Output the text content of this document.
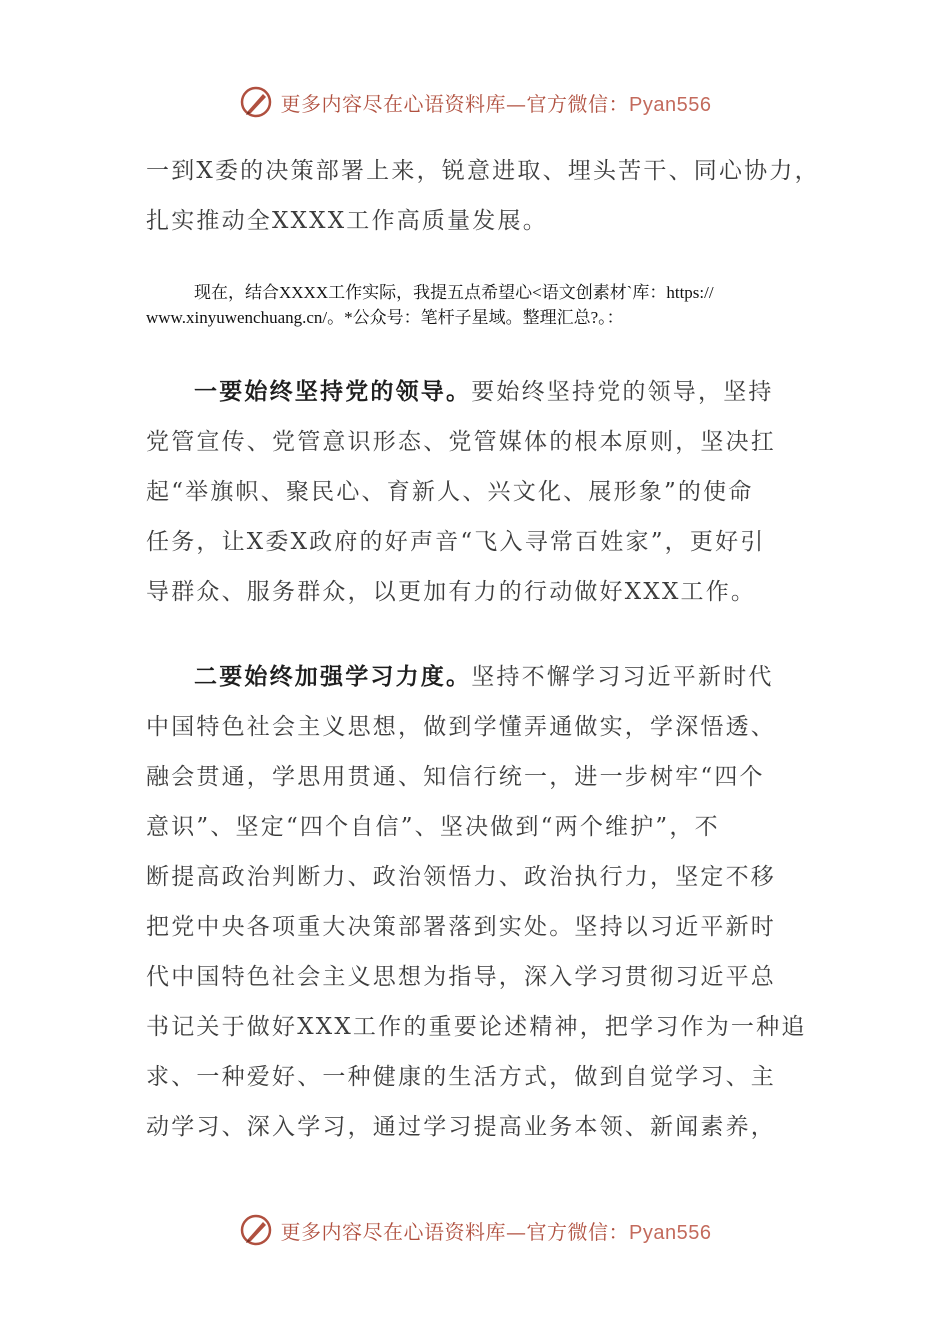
更多内容尽在心语资料库—官方微信：Pyan556
一到X委的决策部署上来，锐意进取、埋头苦干、同心协力，
扎实推动全XXXX工作高质量发展。
现在，结合XXXX工作实际，我提五点希望心<语文创素材`库：https://
www.xinyuwenchuang.cn/。*公众号：笔杆子星域。整理汇总?。：
一要始终坚持党的领导。要始终坚持党的领导，坚持
党管宣传、党管意识形态、党管媒体的根本原则，坚决扛
起“举旗帜、聚民心、育新人、兴文化、展形象”的使命
任务，让X委X政府的好声音“飞入寻常百姓家”，更好引
导群众、服务群众，以更加有力的行动做好XXX工作。
二要始终加强学习力度。坚持不懈学习习近平新时代
中国特色社会主义思想，做到学懂弄通做实，学深悟透、
融会贯通，学思用贯通、知信行统一，进一步树牢“四个
意识”、坚定“四个自信”、坚决做到“两个维护”，不
断提高政治判断力、政治领悟力、政治执行力，坚定不移
把党中央各项重大决策部署落到实处。坚持以习近平新时
代中国特色社会主义思想为指导，深入学习贯彻习近平总
书记关于做好XXX工作的重要论述精神，把学习作为一种追
求、一种爱好、一种健康的生活方式，做到自觉学习、主
动学习、深入学习，通过学习提高业务本领、新闻素养，
更多内容尽在心语资料库—官方微信：Pyan556
